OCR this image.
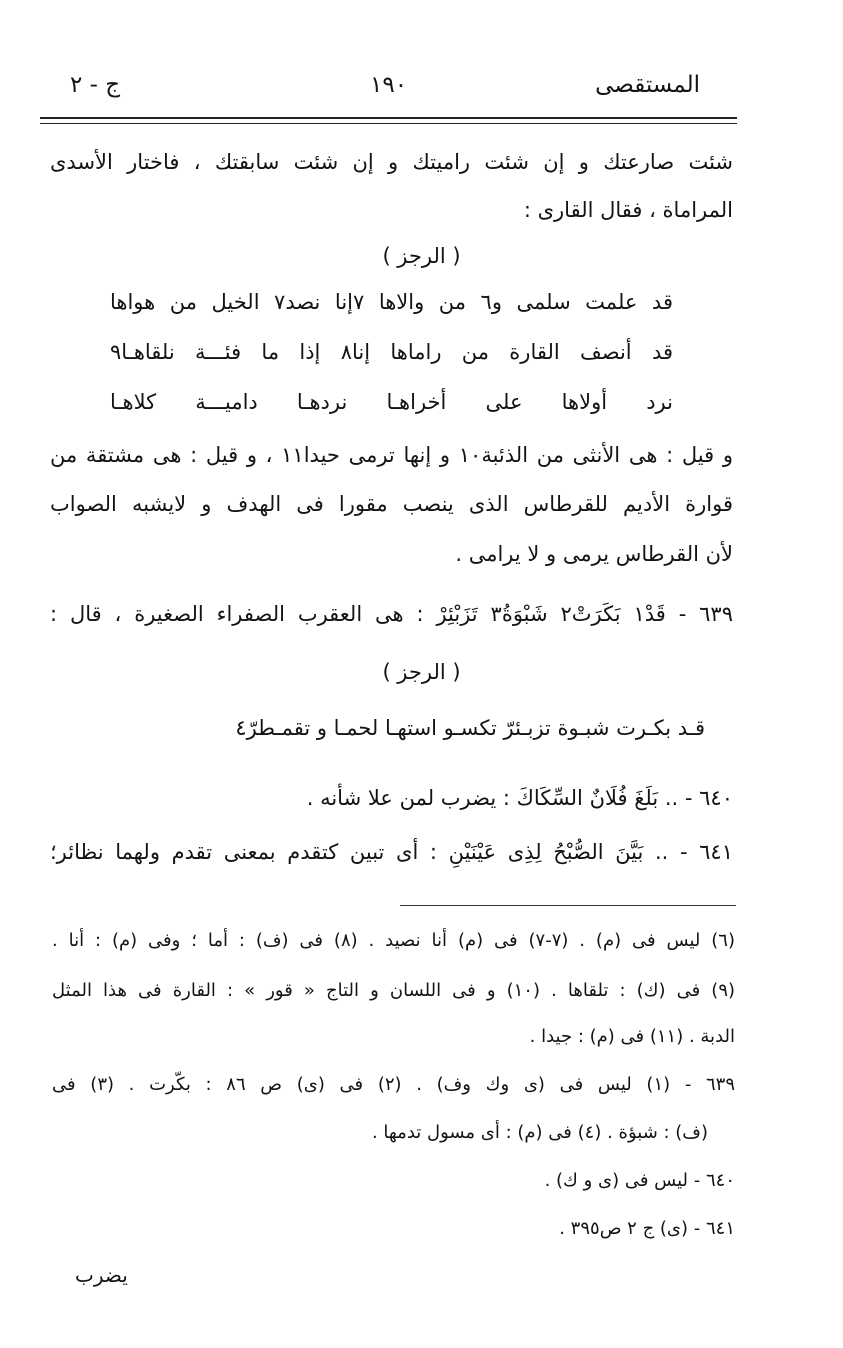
المستقصى
١٩٠
ج - ٢
شئت صارعتك و إن شئت راميتك و إن شئت سابقتك ، فاختار الأسدى
المراماة ، فقال القارى :
( الرجز )
قد علمت سلمى و٦ من والاها ٧إنا نصد٧ الخيل من هواها
قد أنصف القارة من راماها إنا٨ إذا ما فئـــة نلقاهـا٩
نرد أولاها على أخراهـا نردهـا داميـــة كلاهـا
و قيل : هى الأنثى من الذئبة١٠ و إنها ترمى حيدا١١ ، و قيل : هى مشتقة من
قوارة الأديم للقرطاس الذى ينصب مقورا فى الهدف و لايشبه الصواب
لأن القرطاس يرمى و لا يرامى .
٦٣٩ - قَدْ١ بَكَرَتْ٢ شَبْوَةُ٣ تَزَبْئِرْ : هى العقرب الصفراء الصغيرة ، قال :
( الرجز )
قـد بكـرت شبـوة تزبـئرّ تكسـو استهـا لحمـا و تقمـطرّ٤
٦٤٠ - .. بَلَغَ فُلَانٌ السِّكَاكَ : يضرب لمن علا شأنه .
٦٤١ - .. بَيَّنَ الصُّبْحُ لِذِى عَيْنَيْنِ : أى تبين كتقدم بمعنى تقدم ولهما نظائر؛
(٦) ليس فى (م) . (٧-٧) فى (م) أنا نصيد . (٨) فى (ف) : أما ؛ وفى (م) : أنا .
(٩) فى (ك) : تلقاها . (١٠) و فى اللسان و التاج « قور » : القارة فى هذا المثل
الدبة . (١١) فى (م) : جيدا .
٦٣٩ - (١) ليس فى (ى وك وف) . (٢) فى (ى) ص ٨٦ : بكّرت . (٣) فى
(ف) : شبؤة . (٤) فى (م) : أى مسول تدمها .
٦٤٠ - ليس فى (ى و ك) .
٦٤١ - (ى) ج ٢ ص٣٩٥ .
يضرب
